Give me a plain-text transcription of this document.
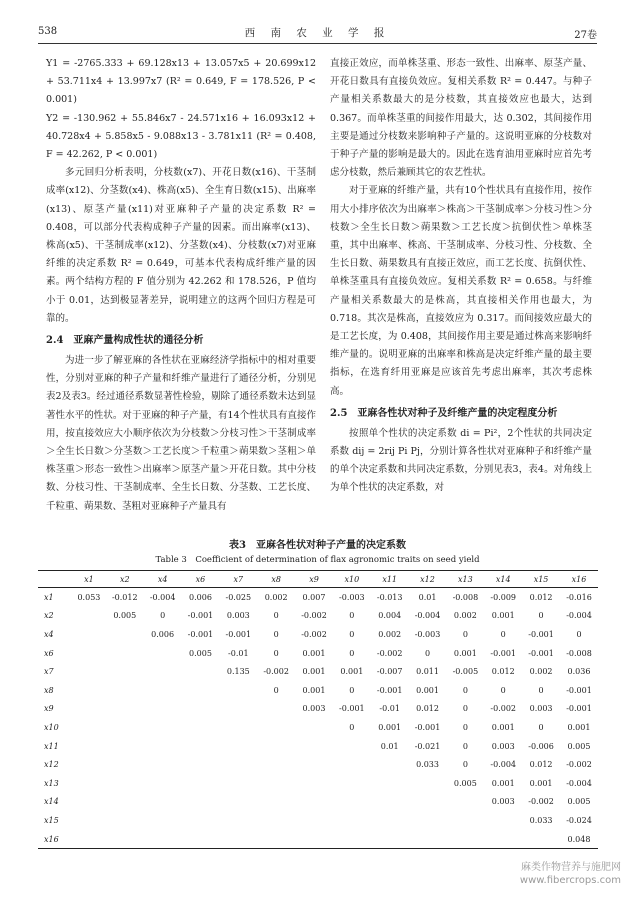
538	西 南 农 业 学 报	27卷

Y1 = -2765.333 + 69.128x13 + 13.057x5 + 20.699x12 + 53.711x4 + 13.997x7 (R² = 0.649, F = 178.526, P < 0.001)

Y2 = -130.962 + 55.846x7 - 24.571x16 + 16.093x12 + 40.728x4 + 5.858x5 - 9.088x13 - 3.781x11 (R² = 0.408, F = 42.262, P < 0.001)

多元回归分析表明，分枝数(x7)、开花日数(x16)、干茎制成率(x12)、分茎数(x4)、株高(x5)、全生育日数(x15)、出麻率(x13)、原茎产量(x11)对亚麻种子产量的决定系数 R² = 0.408，可以部分代表构成种子产量的因素。而出麻率(x13)、株高(x5)、干茎制成率(x12)、分茎数(x4)、分枝数(x7)对亚麻纤维的决定系数 R² = 0.649，可基本代表构成纤维产量的因素。两个结构方程的 F 值分别为 42.262 和 178.526，P 值均小于 0.01，达到极显著差异，说明建立的这两个回归方程是可靠的。

2.4　亚麻产量构成性状的通径分析

为进一步了解亚麻的各性状在亚麻经济学指标中的相对重要性，分别对亚麻的种子产量和纤维产量进行了通径分析，分别见表2及表3。经过通径系数显著性检验，剔除了通径系数未达到显著性水平的性状。对于亚麻的种子产量，有14个性状具有直接作用，按直接效应大小顺序依次为分枝数＞分枝习性＞干茎制成率＞全生长日数＞分茎数＞工艺长度＞千粒重＞蒴果数＞茎粗＞单株茎重＞形态一致性＞出麻率＞原茎产量＞开花日数。其中分枝数、分枝习性、干茎制成率、全生长日数、分茎数、工艺长度、千粒重、蒴果数、茎粗对亚麻种子产量具有

直接正效应，而单株茎重、形态一致性、出麻率、原茎产量、开花日数具有直接负效应。复相关系数 R² = 0.447。与种子产量相关系数最大的是分枝数，其直接效应也最大，达到 0.367。而单株茎重的间接作用最大，达 0.302，其间接作用主要是通过分枝数来影响种子产量的。这说明亚麻的分枝数对于种子产量的影响是最大的。因此在选育油用亚麻时应首先考虑分枝数，然后兼顾其它的农艺性状。

对于亚麻的纤维产量，共有10个性状具有直接作用，按作用大小排序依次为出麻率＞株高＞干茎制成率＞分枝习性＞分枝数＞全生长日数＞蒴果数＞工艺长度＞抗倒伏性＞单株茎重，其中出麻率、株高、干茎制成率、分枝习性、分枝数、全生长日数、蒴果数具有直接正效应，而工艺长度、抗倒伏性、单株茎重具有直接负效应。复相关系数 R² = 0.658。与纤维产量相关系数最大的是株高，其直接相关作用也最大，为 0.718。其次是株高，直接效应为 0.317。而间接效应最大的是工艺长度，为 0.408，其间接作用主要是通过株高来影响纤维产量的。说明亚麻的出麻率和株高是决定纤维产量的最主要指标，在选育纤用亚麻是应该首先考虑出麻率，其次考虑株高。

2.5　亚麻各性状对种子及纤维产量的决定程度分析

按照单个性状的决定系数 di = Pi²，2个性状的共同决定系数 dij = 2rij Pi Pj，分别计算各性状对亚麻种子和纤维产量的单个决定系数和共同决定系数，分别见表3，表4。对角线上为单个性状的决定系数，对

表3　亚麻各性状对种子产量的决定系数
Table 3　Coefficient of determination of flax agronomic traits on seed yield
	x1	x2	x4	x6	x7	x8	x9	x10	x11	x12	x13	x14	x15	x16
x1	0.053	-0.012	-0.004	0.006	-0.025	0.002	0.007	-0.003	-0.013	0.01	-0.008	-0.009	0.012	-0.016
x2		0.005	0	-0.001	0.003	0	-0.002	0	0.004	-0.004	0.002	0.001	0	-0.004
x4			0.006	-0.001	-0.001	0	-0.002	0	0.002	-0.003	0	0	-0.001	0
x6				0.005	-0.01	0	0.001	0	-0.002	0	0.001	-0.001	-0.001	-0.008
x7					0.135	-0.002	0.001	0.001	-0.007	0.011	-0.005	0.012	0.002	0.036
x8						0	0.001	0	-0.001	0.001	0	0	0	-0.001
x9							0.003	-0.001	-0.01	0.012	0	-0.002	0.003	-0.001
x10								0	0.001	-0.001	0	0.001	0	0.001
x11									0.01	-0.021	0	0.003	-0.006	0.005
x12										0.033	0	-0.004	0.012	-0.002
x13											0.005	0.001	0.001	-0.004
x14												0.003	-0.002	0.005
x15													0.033	-0.024
x16														0.048
麻类作物营养与施肥网
www.fibercrops.com
